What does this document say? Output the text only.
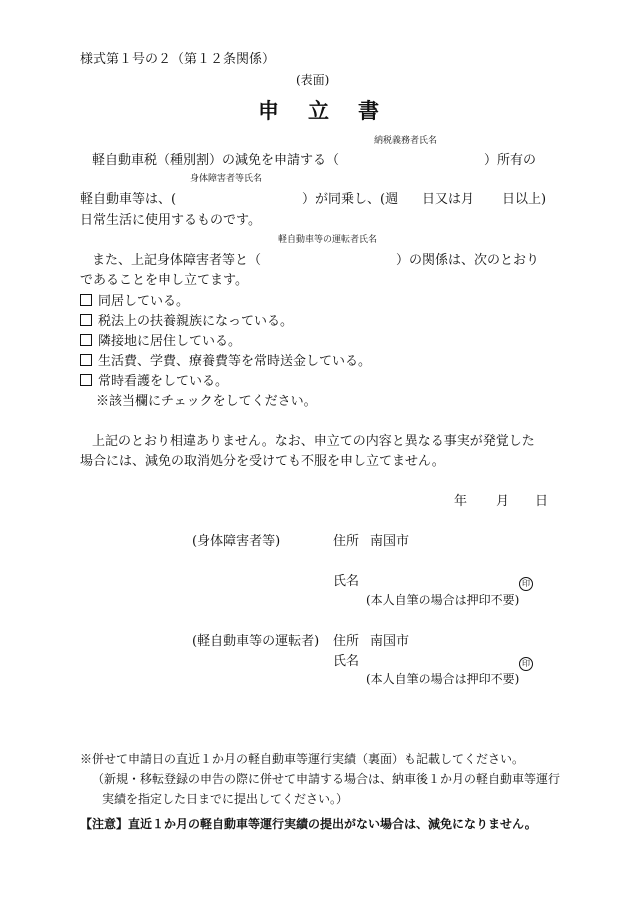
様式第１号の２（第１２条関係）
(表面)
申　立　書
納税義務者氏名
軽自動車税（種別割）の減免を申請する（	）所有の
身体障害者等氏名
軽自動車等は、(	）が同乗し、(週 日又は月 日以上)
日常生活に使用するものです。
軽自動車等の運転者氏名
また、上記身体障害者等と（	）の関係は、次のとおり
であることを申し立てます。
同居している。
税法上の扶養親族になっている。
隣接地に居住している。
生活費、学費、療養費等を常時送金している。
常時看護をしている。
※該当欄にチェックをしてください。
上記のとおり相違ありません。なお、申立ての内容と異なる事実が発覚した
場合には、減免の取消処分を受けても不服を申し立てません。
年 月 日
(身体障害者等)	住所 南国市
氏名	印
(本人自筆の場合は押印不要)
(軽自動車等の運転者) 住所 南国市
氏名	印
(本人自筆の場合は押印不要)
※併せて申請日の直近１か月の軽自動車等運行実績（裏面）も記載してください。
（新規・移転登録の申告の際に併せて申請する場合は、納車後１か月の軽自動車等運行
実績を指定した日までに提出してください。）
【注意】直近１か月の軽自動車等運行実績の提出がない場合は、減免になりません。
